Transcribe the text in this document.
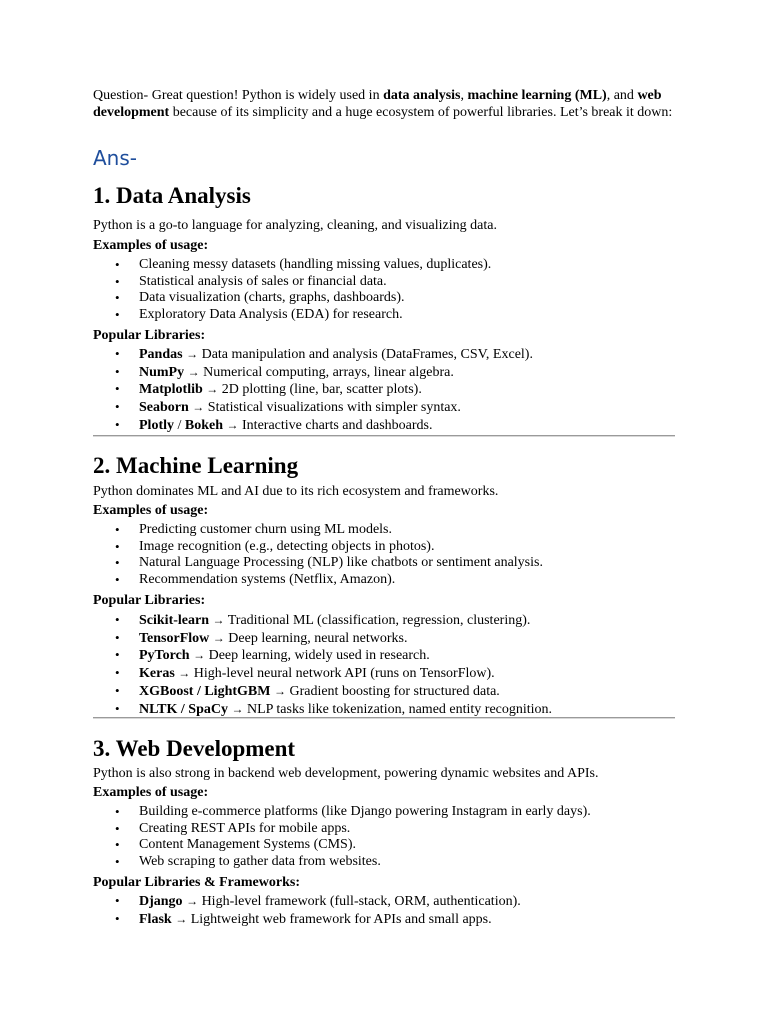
Question- Great question! Python is widely used in data analysis, machine learning (ML), and web development because of its simplicity and a huge ecosystem of powerful libraries. Let’s break it down:
Ans-
1. Data Analysis
Python is a go-to language for analyzing, cleaning, and visualizing data.
Examples of usage:
• Cleaning messy datasets (handling missing values, duplicates).
• Statistical analysis of sales or financial data.
• Data visualization (charts, graphs, dashboards).
• Exploratory Data Analysis (EDA) for research.
Popular Libraries:
• Pandas → Data manipulation and analysis (DataFrames, CSV, Excel).
• NumPy → Numerical computing, arrays, linear algebra.
• Matplotlib → 2D plotting (line, bar, scatter plots).
• Seaborn → Statistical visualizations with simpler syntax.
• Plotly / Bokeh → Interactive charts and dashboards.
2. Machine Learning
Python dominates ML and AI due to its rich ecosystem and frameworks.
Examples of usage:
• Predicting customer churn using ML models.
• Image recognition (e.g., detecting objects in photos).
• Natural Language Processing (NLP) like chatbots or sentiment analysis.
• Recommendation systems (Netflix, Amazon).
Popular Libraries:
• Scikit-learn → Traditional ML (classification, regression, clustering).
• TensorFlow → Deep learning, neural networks.
• PyTorch → Deep learning, widely used in research.
• Keras → High-level neural network API (runs on TensorFlow).
• XGBoost / LightGBM → Gradient boosting for structured data.
• NLTK / SpaCy → NLP tasks like tokenization, named entity recognition.
3. Web Development
Python is also strong in backend web development, powering dynamic websites and APIs.
Examples of usage:
• Building e-commerce platforms (like Django powering Instagram in early days).
• Creating REST APIs for mobile apps.
• Content Management Systems (CMS).
• Web scraping to gather data from websites.
Popular Libraries & Frameworks:
• Django → High-level framework (full-stack, ORM, authentication).
• Flask → Lightweight web framework for APIs and small apps.
